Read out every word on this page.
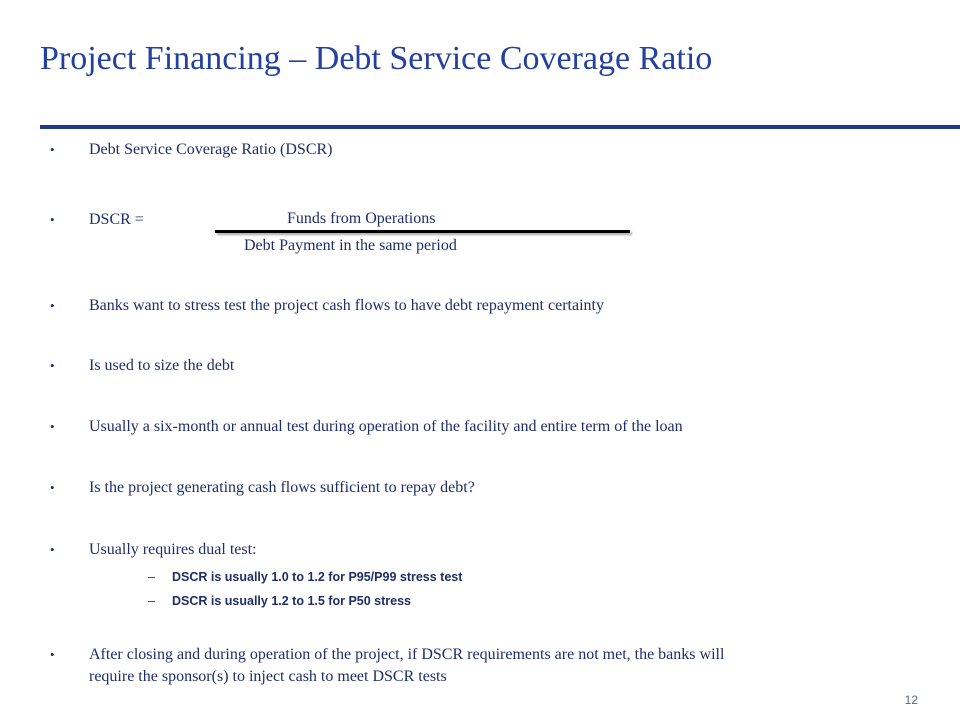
Project Financing – Debt Service Coverage Ratio
•	Debt Service Coverage Ratio (DSCR)
•	DSCR =	Funds from Operations
Debt Payment in the same period
•	Banks want to stress test the project cash flows to have debt repayment certainty
•	Is used to size the debt
•	Usually a six-month or annual test during operation of the facility and entire term of the loan
•	Is the project generating cash flows sufficient to repay debt?
•	Usually requires dual test:
– DSCR is usually 1.0 to 1.2 for P95/P99 stress test
– DSCR is usually 1.2 to 1.5 for P50 stress
•	After closing and during operation of the project, if DSCR requirements are not met, the banks will
require the sponsor(s) to inject cash to meet DSCR tests
12
